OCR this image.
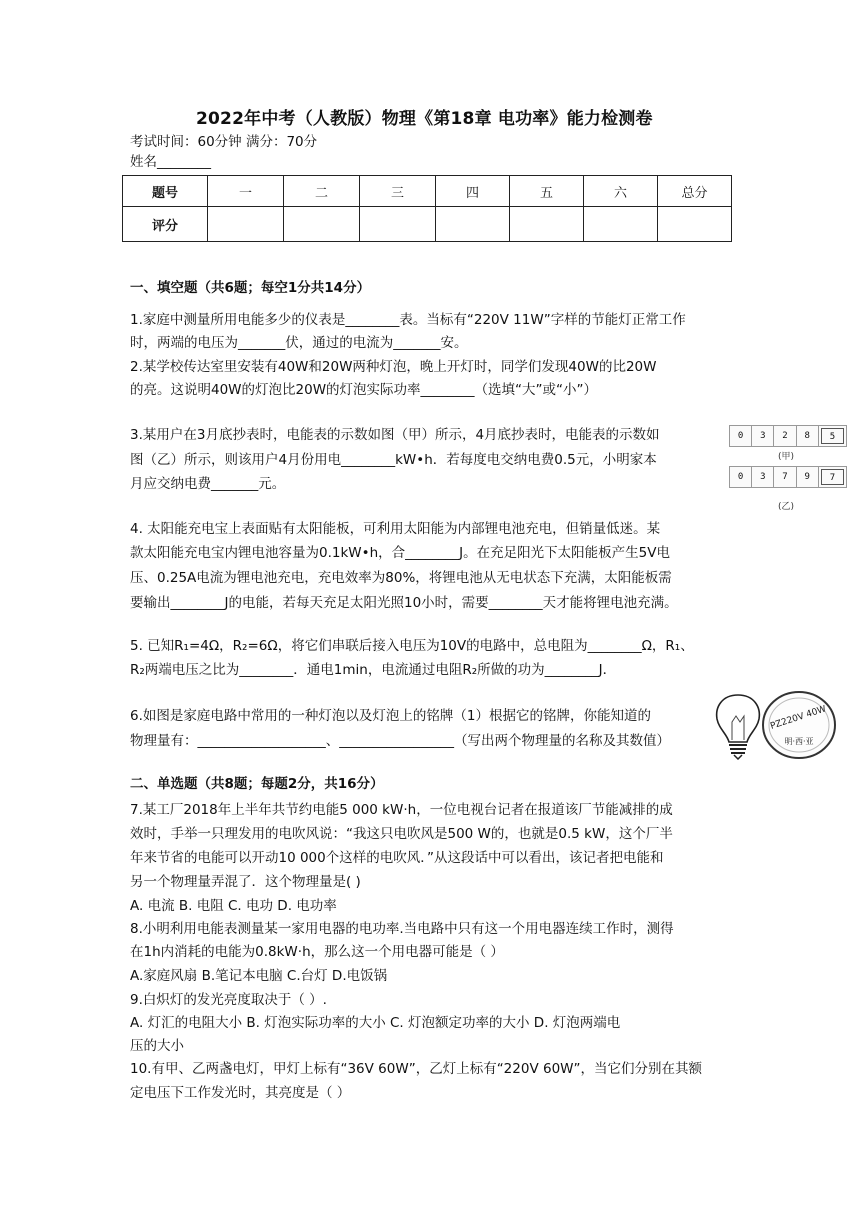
2022年中考（人教版）物理《第18章 电功率》能力检测卷
考试时间：60分钟 满分：70分
姓名________
题号	一	二	三	四	五	六	总分
评分							
一、填空题（共6题；每空1分共14分）
1.家庭中测量所用电能多少的仪表是________表。当标有“220V 11W”字样的节能灯正常工作
时，两端的电压为_______伏，通过的电流为_______安。
2.某学校传达室里安装有40W和20W两种灯泡，晚上开灯时，同学们发现40W的比20W
的亮。这说明40W的灯泡比20W的灯泡实际功率________（选填“大”或“小”）
3.某用户在3月底抄表时，电能表的示数如图（甲）所示，4月底抄表时，电能表的示数如
图（乙）所示，则该用户4月份用电________kW•h．若每度电交纳电费0.5元，小明家本
月应交纳电费_______元。
4. 太阳能充电宝上表面贴有太阳能板，可利用太阳能为内部锂电池充电，但销量低迷。某
款太阳能充电宝内锂电池容量为0.1kW•h，合________J。在充足阳光下太阳能板产生5V电
压、0.25A电流为锂电池充电，充电效率为80%，将锂电池从无电状态下充满，太阳能板需
要输出________J的电能，若每天充足太阳光照10小时，需要________天才能将锂电池充满。
5. 已知R₁=4Ω，R₂=6Ω，将它们串联后接入电压为10V的电路中，总电阻为________Ω，R₁、
R₂两端电压之比为________．通电1min，电流通过电阻R₂所做的功为________J．
6.如图是家庭电路中常用的一种灯泡以及灯泡上的铭牌（1）根据它的铭牌，你能知道的
物理量有：___________________、_________________（写出两个物理量的名称及其数值）
二、单选题（共8题；每题2分，共16分）
7.某工厂2018年上半年共节约电能5 000 kW·h，一位电视台记者在报道该厂节能减排的成
效时，手举一只理发用的电吹风说：“我这只电吹风是500 W的，也就是0.5 kW，这个厂半
年来节省的电能可以开动10 000个这样的电吹风．”从这段话中可以看出，该记者把电能和
另一个物理量弄混了．这个物理量是( )
A. 电流 B. 电阻 C. 电功 D. 电功率
8.小明利用电能表测量某一家用电器的电功率.当电路中只有这一个用电器连续工作时，测得
在1h内消耗的电能为0.8kW·h，那么这一个用电器可能是（ ）
A.家庭风扇 B.笔记本电脑 C.台灯 D.电饭锅
9.白炽灯的发光亮度取决于（ ）.
A. 灯汇的电阻大小 B. 灯泡实际功率的大小 C. 灯泡额定功率的大小 D. 灯泡两端电
压的大小
10.有甲、乙两盏电灯，甲灯上标有“36V 60W”，乙灯上标有“220V 60W”，当它们分别在其额
定电压下工作发光时，其亮度是（ ）
0	3	2	8	5
(甲)
0	3	7	9	7
(乙)
PZ220V 40W
明·西·亚
